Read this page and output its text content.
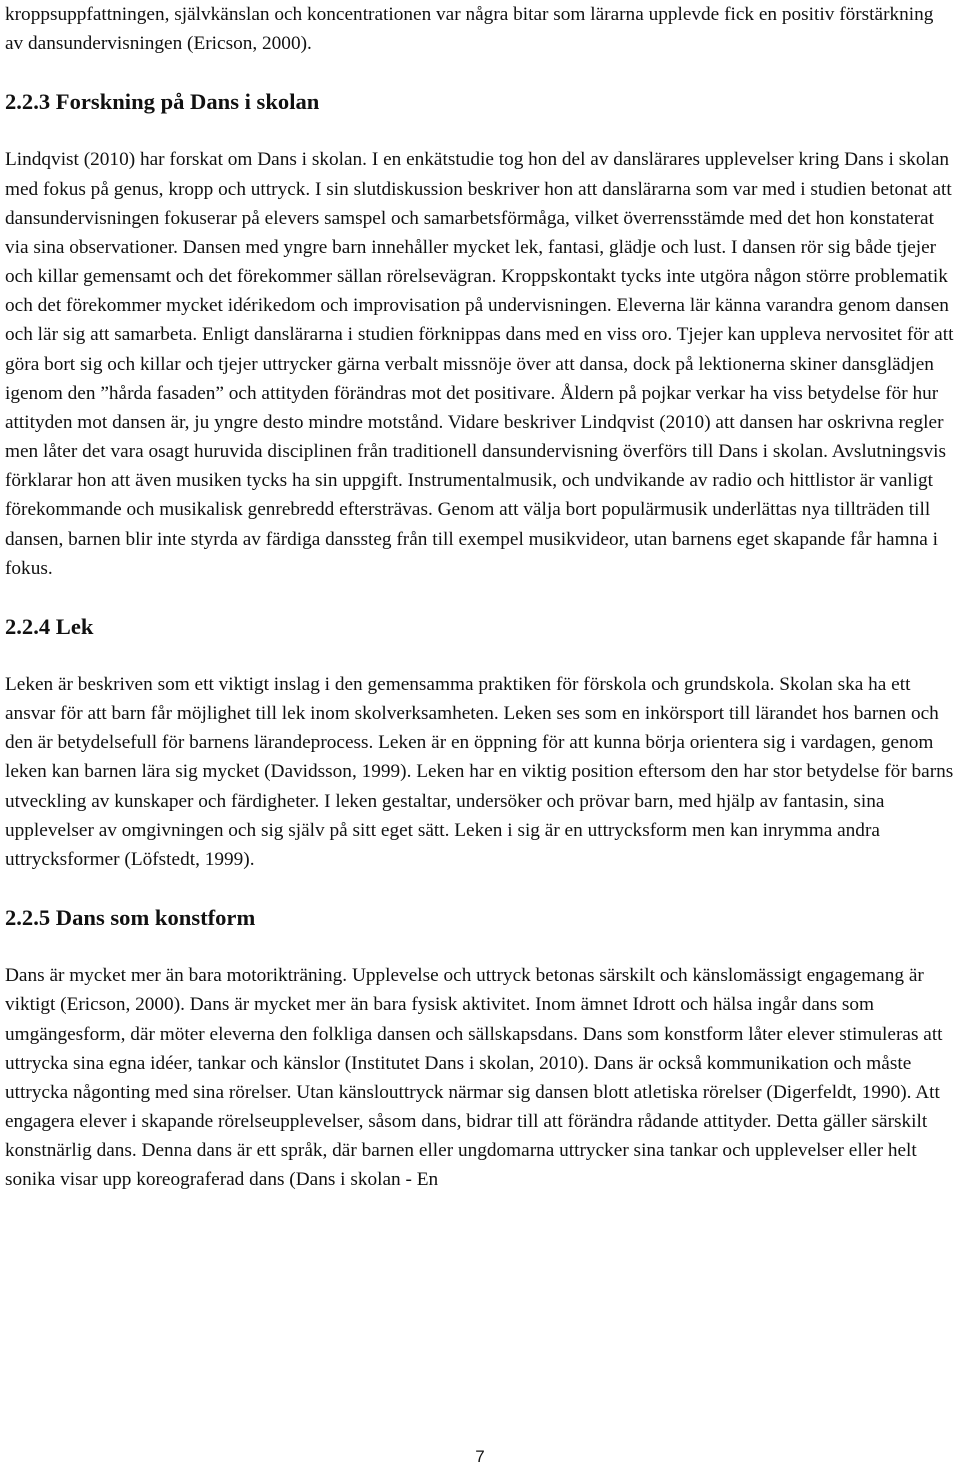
kroppsuppfattningen, självkänslan och koncentrationen var några bitar som lärarna upplevde fick en positiv förstärkning av dansundervisningen (Ericson, 2000).

2.2.3 Forskning på Dans i skolan

Lindqvist (2010) har forskat om Dans i skolan. I en enkätstudie tog hon del av danslärares upplevelser kring Dans i skolan med fokus på genus, kropp och uttryck. I sin slutdiskussion beskriver hon att danslärarna som var med i studien betonat att dansundervisningen fokuserar på elevers samspel och samarbetsförmåga, vilket överrensstämde med det hon konstaterat via sina observationer. Dansen med yngre barn innehåller mycket lek, fantasi, glädje och lust. I dansen rör sig både tjejer och killar gemensamt och det förekommer sällan rörelsevägran. Kroppskontakt tycks inte utgöra någon större problematik och det förekommer mycket idérikedom och improvisation på undervisningen. Eleverna lär känna varandra genom dansen och lär sig att samarbeta. Enligt danslärarna i studien förknippas dans med en viss oro. Tjejer kan uppleva nervositet för att göra bort sig och killar och tjejer uttrycker gärna verbalt missnöje över att dansa, dock på lektionerna skiner dansglädjen igenom den ”hårda fasaden” och attityden förändras mot det positivare. Åldern på pojkar verkar ha viss betydelse för hur attityden mot dansen är, ju yngre desto mindre motstånd. Vidare beskriver Lindqvist (2010) att dansen har oskrivna regler men låter det vara osagt huruvida disciplinen från traditionell dansundervisning överförs till Dans i skolan. Avslutningsvis förklarar hon att även musiken tycks ha sin uppgift. Instrumentalmusik, och undvikande av radio och hittlistor är vanligt förekommande och musikalisk genrebredd eftersträvas. Genom att välja bort populärmusik underlättas nya tillträden till dansen, barnen blir inte styrda av färdiga danssteg från till exempel musikvideor, utan barnens eget skapande får hamna i fokus.

2.2.4 Lek

Leken är beskriven som ett viktigt inslag i den gemensamma praktiken för förskola och grundskola. Skolan ska ha ett ansvar för att barn får möjlighet till lek inom skolverksamheten. Leken ses som en inkörsport till lärandet hos barnen och den är betydelsefull för barnens lärandeprocess. Leken är en öppning för att kunna börja orientera sig i vardagen, genom leken kan barnen lära sig mycket (Davidsson, 1999). Leken har en viktig position eftersom den har stor betydelse för barns utveckling av kunskaper och färdigheter. I leken gestaltar, undersöker och prövar barn, med hjälp av fantasin, sina upplevelser av omgivningen och sig själv på sitt eget sätt. Leken i sig är en uttrycksform men kan inrymma andra uttrycksformer (Löfstedt, 1999).

2.2.5 Dans som konstform

Dans är mycket mer än bara motorikträning. Upplevelse och uttryck betonas särskilt och känslomässigt engagemang är viktigt (Ericson, 2000). Dans är mycket mer än bara fysisk aktivitet. Inom ämnet Idrott och hälsa ingår dans som umgängesform, där möter eleverna den folkliga dansen och sällskapsdans. Dans som konstform låter elever stimuleras att uttrycka sina egna idéer, tankar och känslor (Institutet Dans i skolan, 2010). Dans är också kommunikation och måste uttrycka någonting med sina rörelser. Utan känslouttryck närmar sig dansen blott atletiska rörelser (Digerfeldt, 1990). Att engagera elever i skapande rörelseupplevelser, såsom dans, bidrar till att förändra rådande attityder. Detta gäller särskilt konstnärlig dans. Denna dans är ett språk, där barnen eller ungdomarna uttrycker sina tankar och upplevelser eller helt sonika visar upp koreograferad dans (Dans i skolan - En

7
